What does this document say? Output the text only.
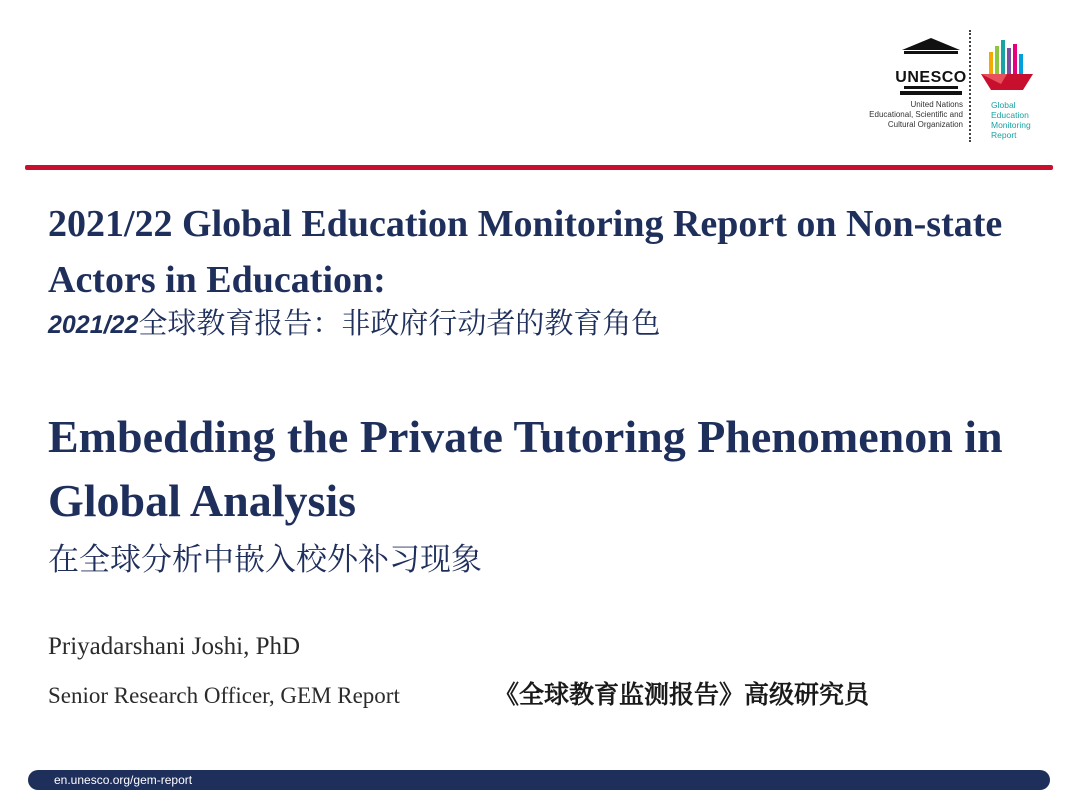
UNESCO
United Nations
Educational, Scientific and
Cultural Organization
Global
Education
Monitoring
Report
2021/22 Global Education Monitoring Report on Non-state Actors in Education:
2021/22全球教育报告：非政府行动者的教育角色
Embedding the Private Tutoring Phenomenon in Global Analysis
在全球分析中嵌入校外补习现象
Priyadarshani Joshi, PhD
Senior Research Officer, GEM Report	《全球教育监测报告》高级研究员
en.unesco.org/gem-report
